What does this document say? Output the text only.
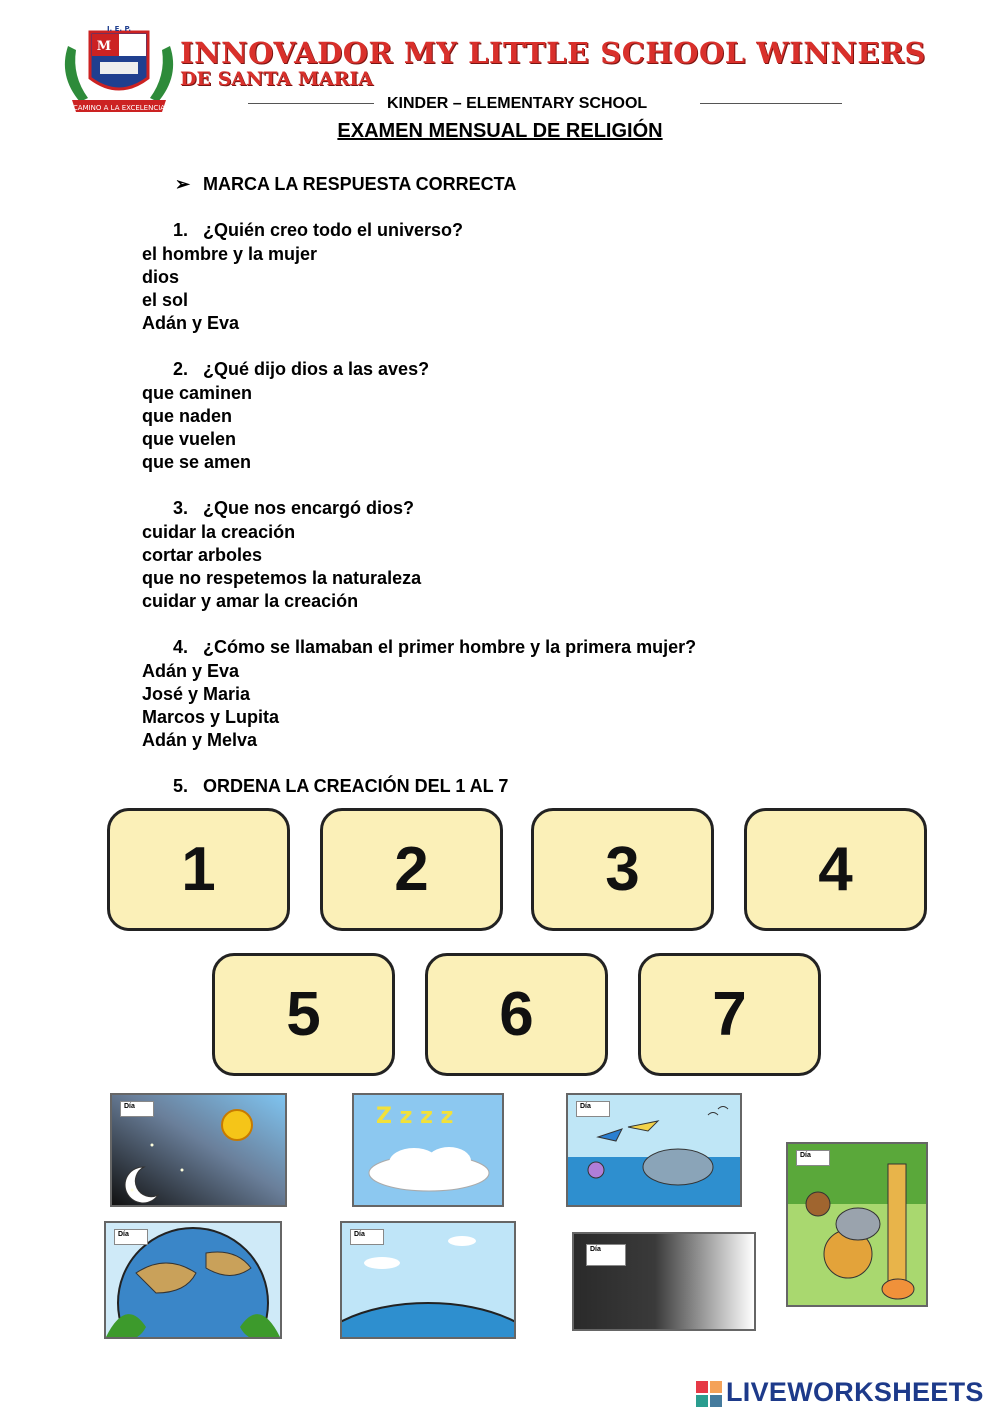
M
CAMINO A LA EXCELENCIA
I. E. P.
INNOVADOR MY LITTLE SCHOOL WINNERS
DE SANTA MARIA
KINDER – ELEMENTARY SCHOOL
EXAMEN MENSUAL DE RELIGIÓN
➢ MARCA LA RESPUESTA CORRECTA
1. ¿Quién creo todo el universo?
el hombre y la mujer
dios
el sol
Adán y Eva
2. ¿Qué dijo dios a las aves?
que caminen
que naden
que vuelen
que se amen
3. ¿Que nos encargó dios?
cuidar la creación
cortar arboles
que no respetemos la naturaleza
cuidar y amar la creación
4. ¿Cómo se llamaban el primer hombre y la primera mujer?
Adán y Eva
José y Maria
Marcos y Lupita
Adán y Melva
5. ORDENA LA CREACIÓN DEL 1 AL 7
1	2	3	4
5	6	7
Día	Z z z z	Día
Día
Día	Día
Día
LIVEWORKSHEETS
